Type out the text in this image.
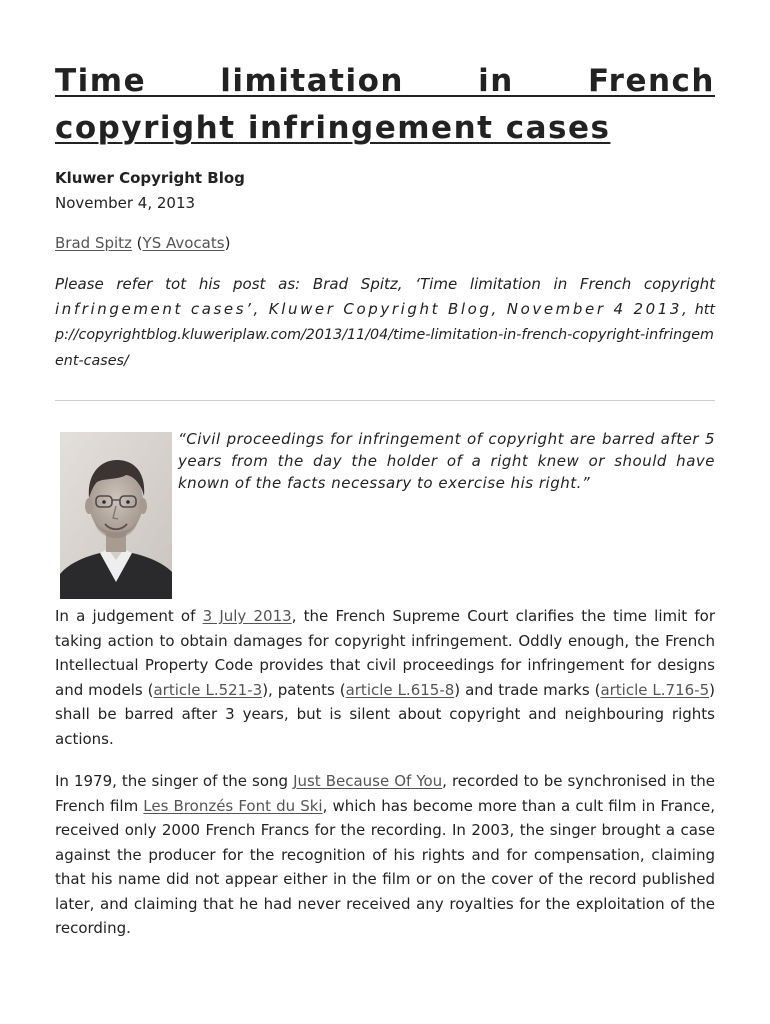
Time limitation in French copyright infringement cases
Kluwer Copyright Blog
November 4, 2013
Brad Spitz (YS Avocats)

Please refer tot his post as: Brad Spitz, ‘Time limitation in French copyright infringement cases’, Kluwer Copyright Blog, November 4 2013, http://copyrightblog.kluweriplaw.com/2013/11/04/time-limitation-in-french-copyright-infringement-cases/

“Civil proceedings for infringement of copyright are barred after 5 years from the day the holder of a right knew or should have known of the facts necessary to exercise his right.”

In a judgement of 3 July 2013, the French Supreme Court clarifies the time limit for taking action to obtain damages for copyright infringement. Oddly enough, the French Intellectual Property Code provides that civil proceedings for infringement for designs and models (article L.521-3), patents (article L.615-8) and trade marks (article L.716-5) shall be barred after 3 years, but is silent about copyright and neighbouring rights actions.

In 1979, the singer of the song Just Because Of You, recorded to be synchronised in the French film Les Bronzés Font du Ski, which has become more than a cult film in France, received only 2000 French Francs for the recording. In 2003, the singer brought a case against the producer for the recognition of his rights and for compensation, claiming that his name did not appear either in the film or on the cover of the record published later, and claiming that he had never received any royalties for the exploitation of the recording.
